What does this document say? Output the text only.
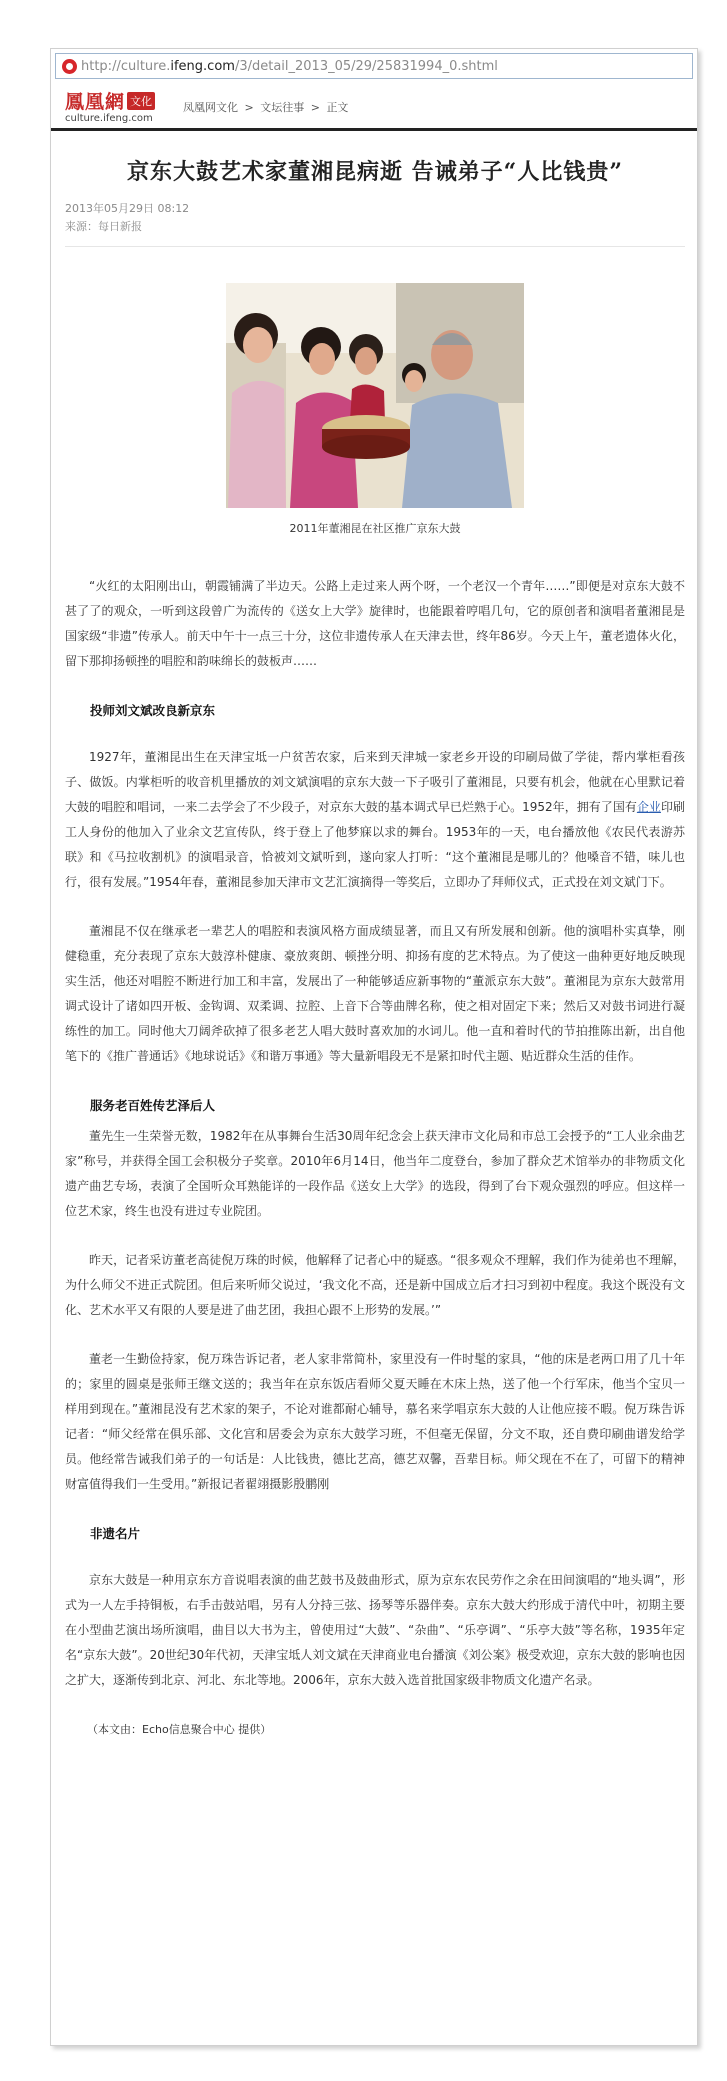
http://culture. ifeng.com /3/detail_2013_05/29/25831994_0.shtml
鳳凰網 文化
culture.ifeng.com
凤凰网文化 > 文坛往事 > 正文
京东大鼓艺术家董湘昆病逝 告诫弟子“人比钱贵”
2013年05月29日 08:12
来源：每日新报
2011年董湘昆在社区推广京东大鼓

“火红的太阳刚出山，朝霞铺满了半边天。公路上走过来人两个呀，一个老汉一个青年……”即便是对京东大鼓不甚了了的观众，一听到这段曾广为流传的《送女上大学》旋律时，也能跟着哼唱几句，它的原创者和演唱者董湘昆是国家级“非遗”传承人。前天中午十一点三十分，这位非遗传承人在天津去世，终年86岁。今天上午，董老遗体火化，留下那抑扬顿挫的唱腔和韵味绵长的鼓板声……

投师刘文斌改良新京东

1927年，董湘昆出生在天津宝坻一户贫苦农家，后来到天津城一家老乡开设的印刷局做了学徒，帮内掌柜看孩子、做饭。内掌柜听的收音机里播放的刘文斌演唱的京东大鼓一下子吸引了董湘昆，只要有机会，他就在心里默记着大鼓的唱腔和唱词，一来二去学会了不少段子，对京东大鼓的基本调式早已烂熟于心。1952年，拥有了国有企业印刷工人身份的他加入了业余文艺宣传队，终于登上了他梦寐以求的舞台。1953年的一天，电台播放他《农民代表游苏联》和《马拉收割机》的演唱录音，恰被刘文斌听到，遂向家人打听：“这个董湘昆是哪儿的？他嗓音不错，味儿也行，很有发展。”1954年春，董湘昆参加天津市文艺汇演摘得一等奖后，立即办了拜师仪式，正式投在刘文斌门下。

董湘昆不仅在继承老一辈艺人的唱腔和表演风格方面成绩显著，而且又有所发展和创新。他的演唱朴实真挚，刚健稳重，充分表现了京东大鼓淳朴健康、豪放爽朗、顿挫分明、抑扬有度的艺术特点。为了使这一曲种更好地反映现实生活，他还对唱腔不断进行加工和丰富，发展出了一种能够适应新事物的“董派京东大鼓”。董湘昆为京东大鼓常用调式设计了诸如四开板、金钩调、双柔调、拉腔、上音下合等曲牌名称，使之相对固定下来；然后又对鼓书词进行凝练性的加工。同时他大刀阔斧砍掉了很多老艺人唱大鼓时喜欢加的水词儿。他一直和着时代的节拍推陈出新，出自他笔下的《推广普通话》《地球说话》《和谐万事通》等大量新唱段无不是紧扣时代主题、贴近群众生活的佳作。

服务老百姓传艺泽后人

董先生一生荣誉无数，1982年在从事舞台生活30周年纪念会上获天津市文化局和市总工会授予的“工人业余曲艺家”称号，并获得全国工会积极分子奖章。2010年6月14日，他当年二度登台，参加了群众艺术馆举办的非物质文化遗产曲艺专场，表演了全国听众耳熟能详的一段作品《送女上大学》的选段，得到了台下观众强烈的呼应。但这样一位艺术家，终生也没有进过专业院团。

昨天，记者采访董老高徒倪万珠的时候，他解释了记者心中的疑惑。“很多观众不理解，我们作为徒弟也不理解，为什么师父不进正式院团。但后来听师父说过，‘我文化不高，还是新中国成立后才扫习到初中程度。我这个既没有文化、艺术水平又有限的人要是进了曲艺团，我担心跟不上形势的发展。’”

董老一生勤俭持家，倪万珠告诉记者，老人家非常简朴，家里没有一件时髦的家具，“他的床是老两口用了几十年的；家里的圆桌是张师王继文送的；我当年在京东饭店看师父夏天睡在木床上热，送了他一个行军床，他当个宝贝一样用到现在。”董湘昆没有艺术家的架子，不论对谁都耐心辅导，慕名来学唱京东大鼓的人让他应接不暇。倪万珠告诉记者：“师父经常在俱乐部、文化宫和居委会为京东大鼓学习班，不但毫无保留，分文不取，还自费印刷曲谱发给学员。他经常告诫我们弟子的一句话是：人比钱贵，德比艺高，德艺双馨，吾辈目标。师父现在不在了，可留下的精神财富值得我们一生受用。”新报记者翟翊摄影殷鹏刚

非遗名片

京东大鼓是一种用京东方音说唱表演的曲艺鼓书及鼓曲形式，原为京东农民劳作之余在田间演唱的“地头调”，形式为一人左手持铜板，右手击鼓站唱，另有人分持三弦、扬琴等乐器伴奏。京东大鼓大约形成于清代中叶，初期主要在小型曲艺演出场所演唱，曲目以大书为主，曾使用过“大鼓”、“杂曲”、“乐亭调”、“乐亭大鼓”等名称，1935年定名“京东大鼓”。20世纪30年代初，天津宝坻人刘文斌在天津商业电台播演《刘公案》极受欢迎，京东大鼓的影响也因之扩大，逐渐传到北京、河北、东北等地。2006年，京东大鼓入选首批国家级非物质文化遗产名录。

（本文由：Echo信息聚合中心 提供）
